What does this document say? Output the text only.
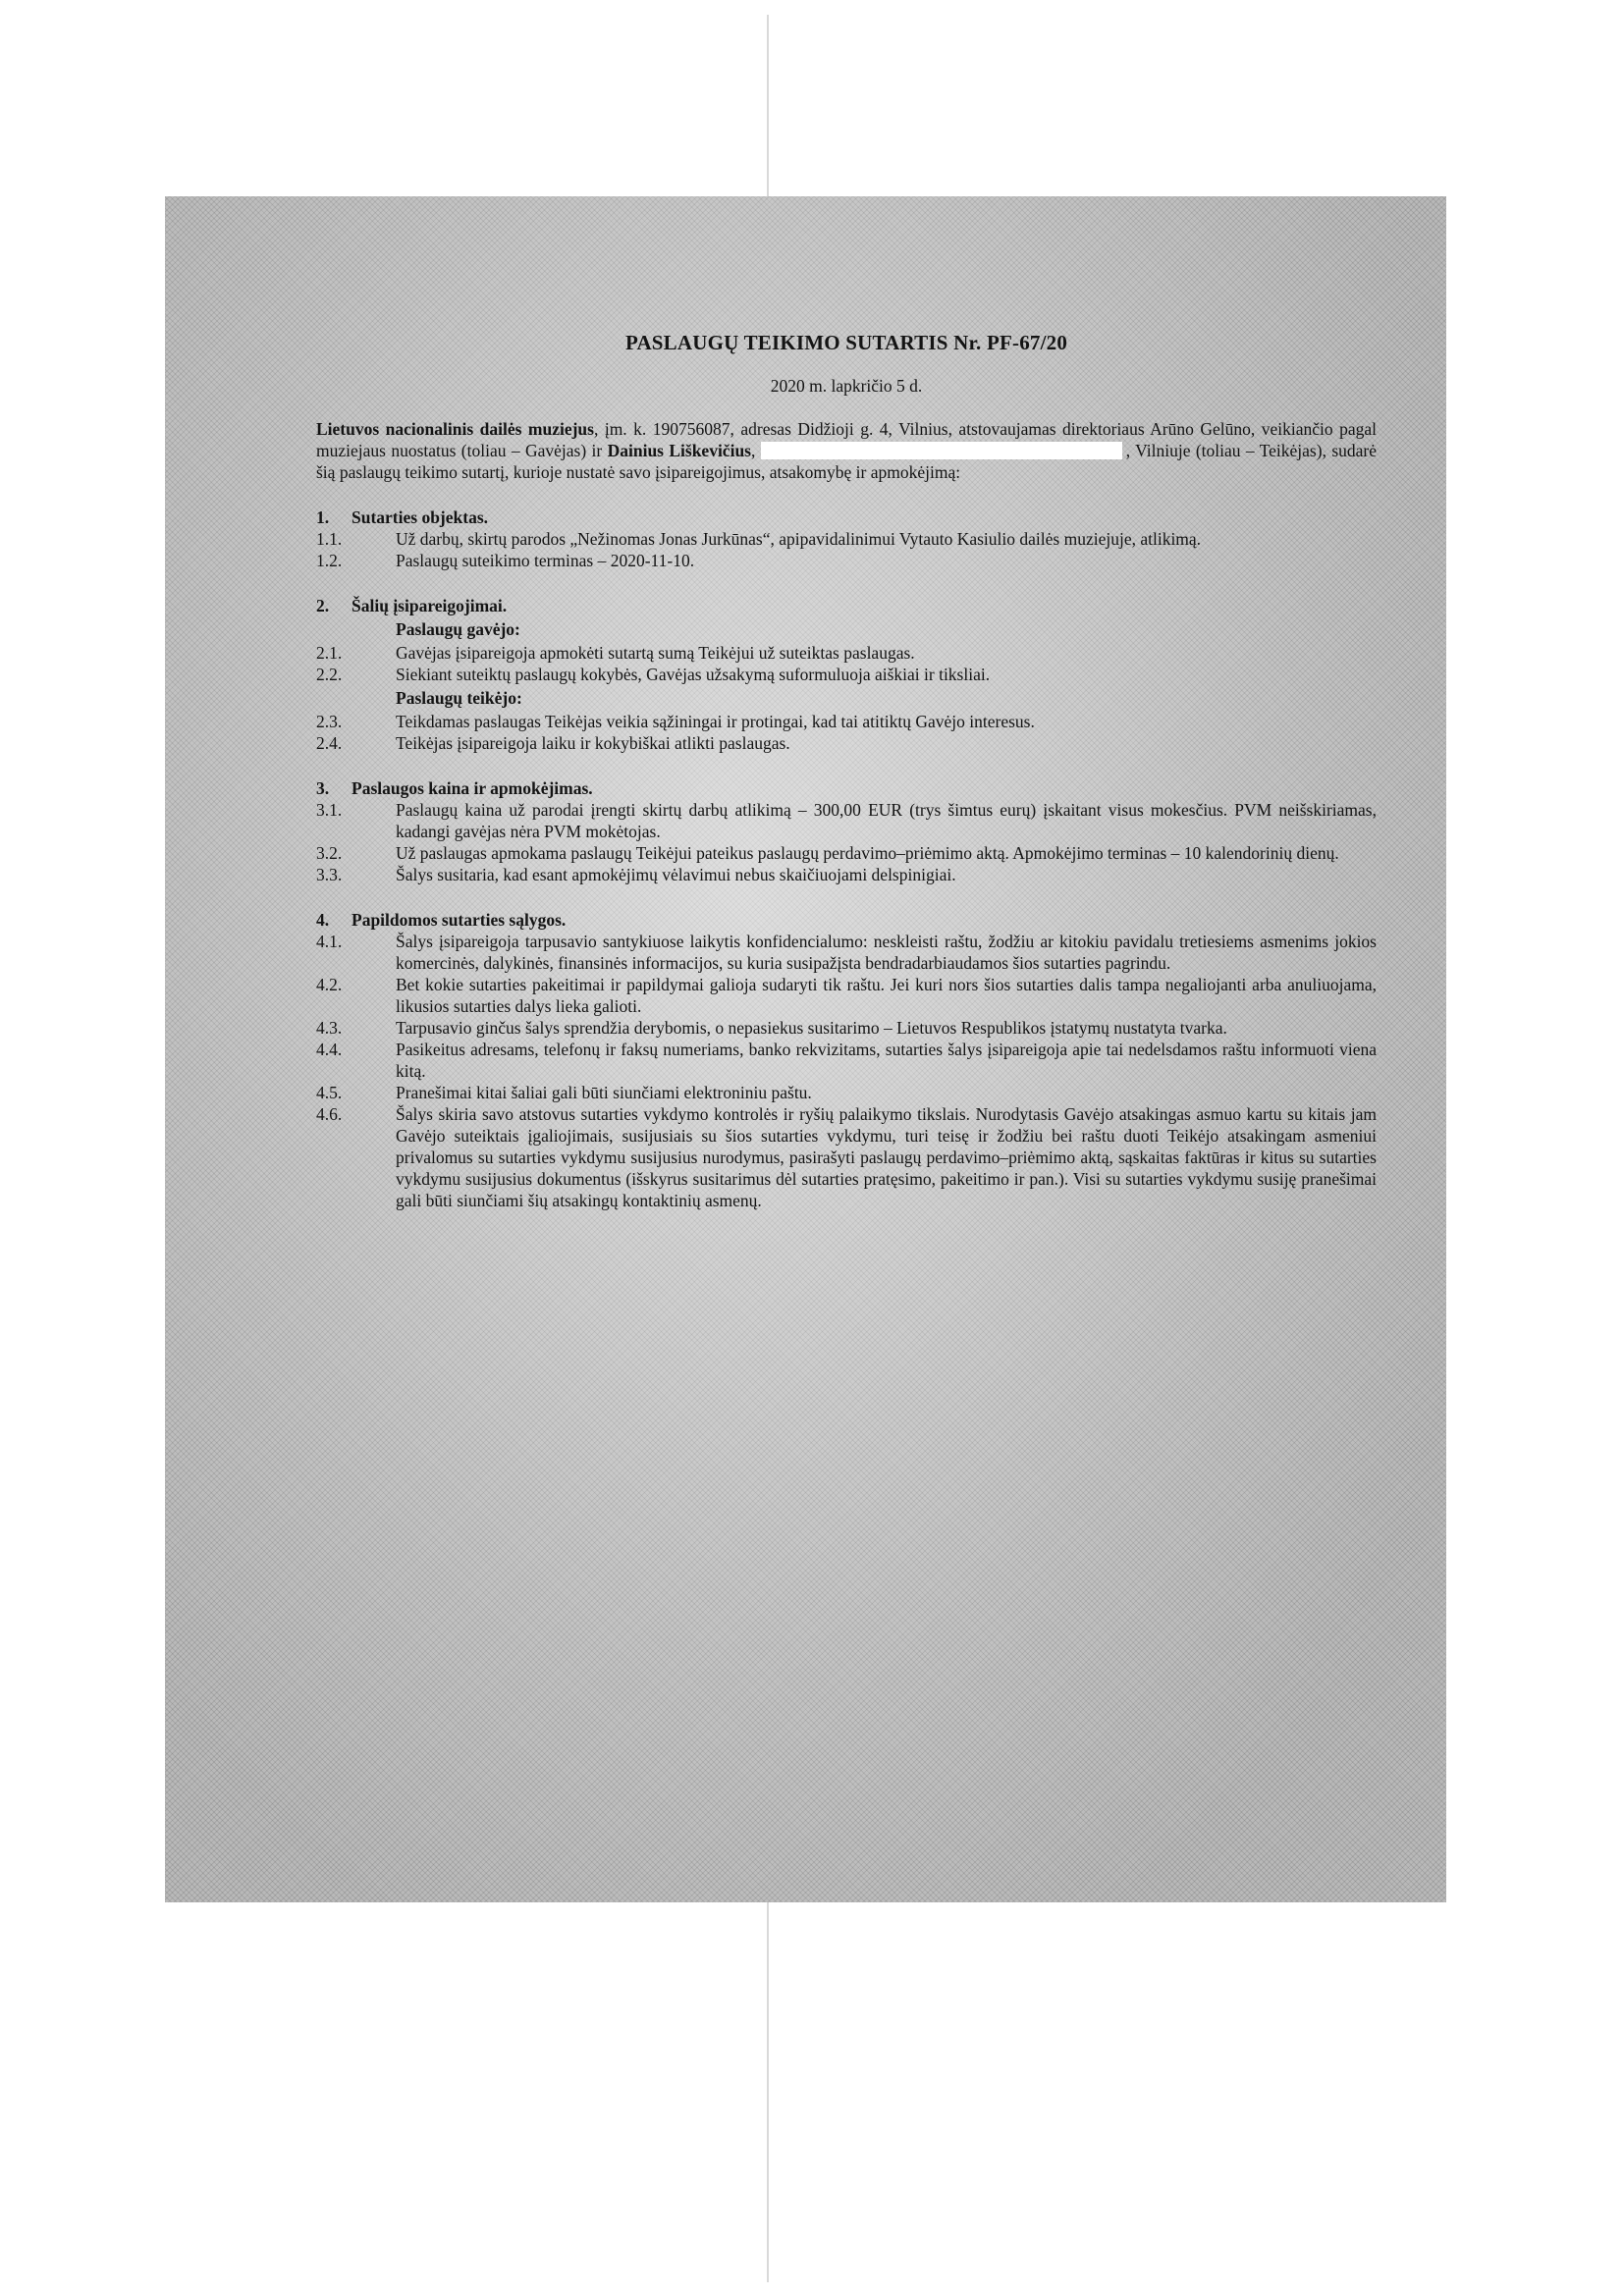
PASLAUGŲ TEIKIMO SUTARTIS Nr. PF-67/20
2020 m. lapkričio 5 d.
Lietuvos nacionalinis dailės muziejus, įm. k. 190756087, adresas Didžioji g. 4, Vilnius, atstovaujamas direktoriaus Arūno Gelūno, veikiančio pagal muziejaus nuostatus (toliau – Gavėjas) ir Dainius Liškevičius,	, Vilniuje (toliau – Teikėjas), sudarė šią paslaugų teikimo sutartį, kurioje nustatė savo įsipareigojimus, atsakomybę ir apmokėjimą:
1.	Sutarties objektas.
1.1.	Už darbų, skirtų parodos „Nežinomas Jonas Jurkūnas“, apipavidalinimui Vytauto Kasiulio dailės muziejuje, atlikimą.
1.2.	Paslaugų suteikimo terminas – 2020-11-10.
2.	Šalių įsipareigojimai.
Paslaugų gavėjo:
2.1.	Gavėjas įsipareigoja apmokėti sutartą sumą Teikėjui už suteiktas paslaugas.
2.2.	Siekiant suteiktų paslaugų kokybės, Gavėjas užsakymą suformuluoja aiškiai ir tiksliai.
Paslaugų teikėjo:
2.3.	Teikdamas paslaugas Teikėjas veikia sąžiningai ir protingai, kad tai atitiktų Gavėjo interesus.
2.4.	Teikėjas įsipareigoja laiku ir kokybiškai atlikti paslaugas.
3.	Paslaugos kaina ir apmokėjimas.
3.1.	Paslaugų kaina už parodai įrengti skirtų darbų atlikimą – 300,00 EUR (trys šimtus eurų) įskaitant visus mokesčius. PVM neišskiriamas, kadangi gavėjas nėra PVM mokėtojas.
3.2.	Už paslaugas apmokama paslaugų Teikėjui pateikus paslaugų perdavimo–priėmimo aktą. Apmokėjimo terminas – 10 kalendorinių dienų.
3.3.	Šalys susitaria, kad esant apmokėjimų vėlavimui nebus skaičiuojami delspinigiai.
4.	Papildomos sutarties sąlygos.
4.1.	Šalys įsipareigoja tarpusavio santykiuose laikytis konfidencialumo: neskleisti raštu, žodžiu ar kitokiu pavidalu tretiesiems asmenims jokios komercinės, dalykinės, finansinės informacijos, su kuria susipažįsta bendradarbiaudamos šios sutarties pagrindu.
4.2.	Bet kokie sutarties pakeitimai ir papildymai galioja sudaryti tik raštu. Jei kuri nors šios sutarties dalis tampa negaliojanti arba anuliuojama, likusios sutarties dalys lieka galioti.
4.3.	Tarpusavio ginčus šalys sprendžia derybomis, o nepasiekus susitarimo – Lietuvos Respublikos įstatymų nustatyta tvarka.
4.4.	Pasikeitus adresams, telefonų ir faksų numeriams, banko rekvizitams, sutarties šalys įsipareigoja apie tai nedelsdamos raštu informuoti viena kitą.
4.5.	Pranešimai kitai šaliai gali būti siunčiami elektroniniu paštu.
4.6.	Šalys skiria savo atstovus sutarties vykdymo kontrolės ir ryšių palaikymo tikslais. Nurodytasis Gavėjo atsakingas asmuo kartu su kitais jam Gavėjo suteiktais įgaliojimais, susijusiais su šios sutarties vykdymu, turi teisę ir žodžiu bei raštu duoti Teikėjo atsakingam asmeniui privalomus su sutarties vykdymu susijusius nurodymus, pasirašyti paslaugų perdavimo–priėmimo aktą, sąskaitas faktūras ir kitus su sutarties vykdymu susijusius dokumentus (išskyrus susitarimus dėl sutarties pratęsimo, pakeitimo ir pan.). Visi su sutarties vykdymu susiję pranešimai gali būti siunčiami šių atsakingų kontaktinių asmenų.
